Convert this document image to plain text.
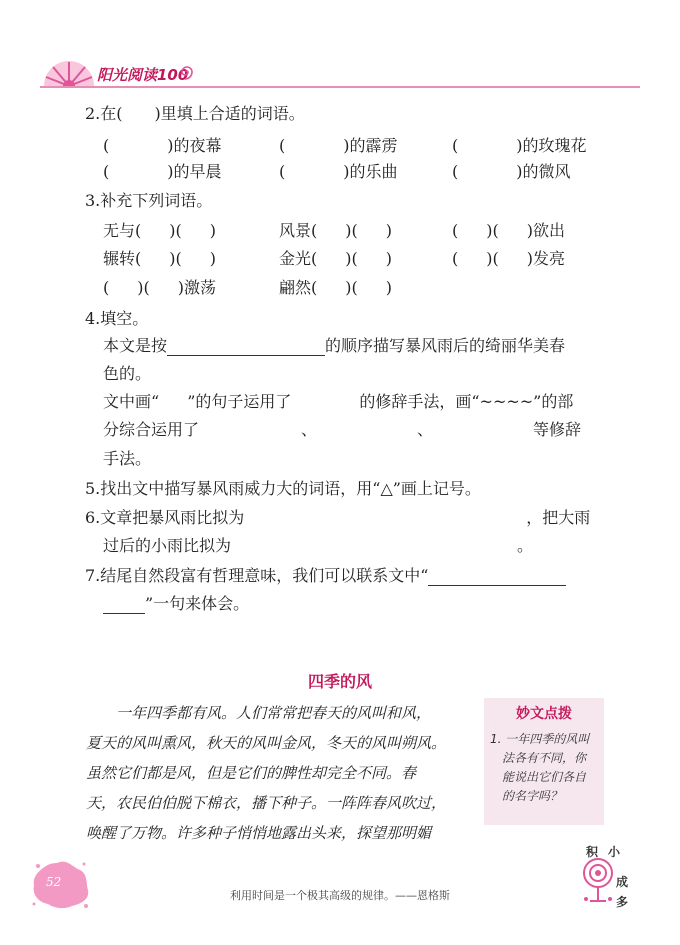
阳光阅读100
2.在(　　)里填上合适的词语。
(	)的夜幕	(	)的霹雳	(	)的玫瑰花
(	)的早晨	(	)的乐曲	(	)的微风
3.补充下列词语。
无与( )( )	风景( )( )	( )( )欲出
辗转( )( )	金光( )( )	( )( )发亮
( )( )激荡	翩然( )( )
4.填空。
本文是按	的顺序描写暴风雨后的绮丽华美春
色的。
文中画“ ”的句子运用了	的修辞手法，画“~~~~”的部
分综合运用了	、	、	等修辞
手法。
5.找出文中描写暴风雨威力大的词语，用“△”画上记号。
6.文章把暴风雨比拟为	，把大雨
过后的小雨比拟为	。
7.结尾自然段富有哲理意味，我们可以联系文中“
”一句来体会。
四季的风
一年四季都有风。人们常常把春天的风叫和风，
夏天的风叫熏风，秋天的风叫金风，冬天的风叫朔风。
虽然它们都是风，但是它们的脾性却完全不同。春
天，农民伯伯脱下棉衣，播下种子。一阵阵春风吹过，
唤醒了万物。许多种子悄悄地露出头来，探望那明媚
妙文点拨
1. 一年四季的风叫
法各有不同，你
能说出它们各自
的名字吗？
52
利用时间是一个极其高级的规律。——恩格斯
积 小
成
多
